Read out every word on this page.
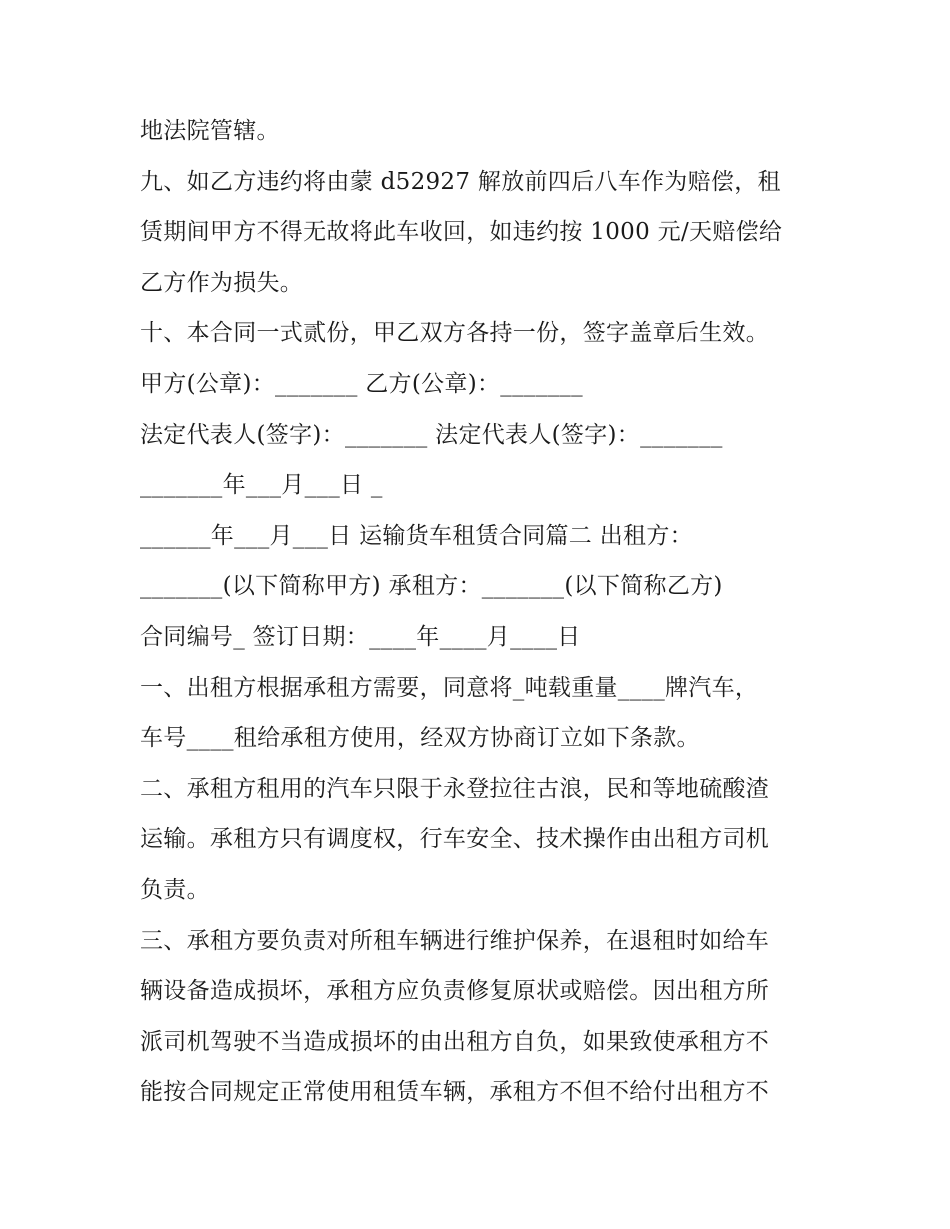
地法院管辖。
九、如乙方违约将由蒙 d52927 解放前四后八车作为赔偿，租
赁期间甲方不得无故将此车收回，如违约按 1000 元/天赔偿给
乙方作为损失。
十、本合同一式贰份，甲乙双方各持一份，签字盖章后生效。
甲方(公章)：_______ 乙方(公章)：_______
法定代表人(签字)：_______ 法定代表人(签字)：_______
_______年___月___日 _
______年___月___日 运输货车租赁合同篇二 出租方：
_______(以下简称甲方) 承租方：_______(以下简称乙方)
合同编号_ 签订日期：____年____月____日
一、出租方根据承租方需要，同意将_吨载重量____牌汽车，
车号____租给承租方使用，经双方协商订立如下条款。
二、承租方租用的汽车只限于永登拉往古浪，民和等地硫酸渣
运输。承租方只有调度权，行车安全、技术操作由出租方司机
负责。
三、承租方要负责对所租车辆进行维护保养，在退租时如给车
辆设备造成损坏，承租方应负责修复原状或赔偿。因出租方所
派司机驾驶不当造成损坏的由出租方自负，如果致使承租方不
能按合同规定正常使用租赁车辆，承租方不但不给付出租方不
